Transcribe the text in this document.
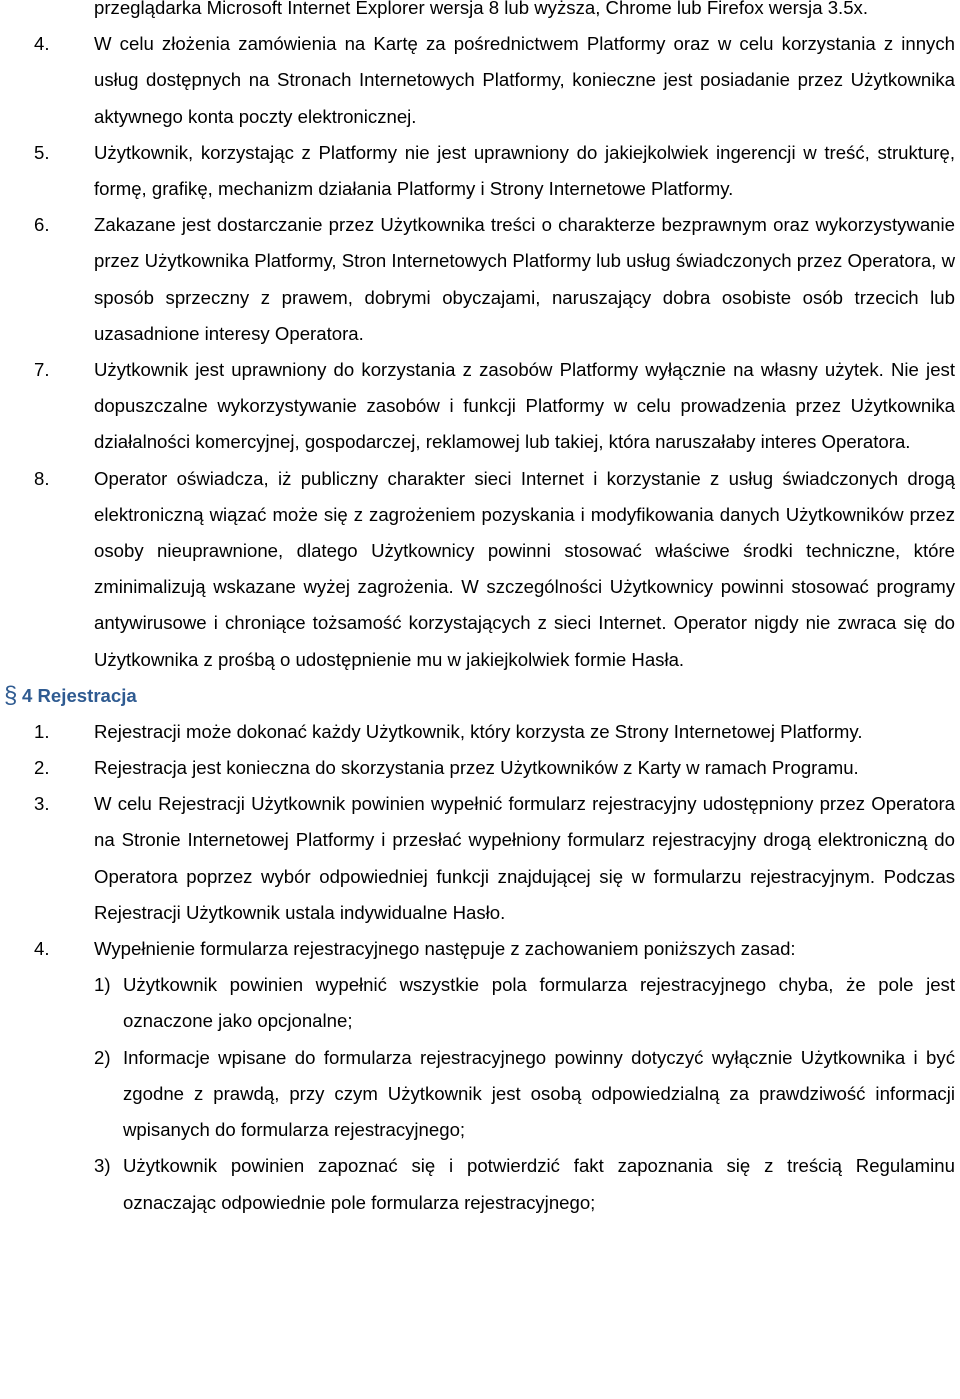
przeglądarka Microsoft Internet Explorer wersja 8 lub wyższa, Chrome lub Firefox wersja 3.5x.
4. W celu złożenia zamówienia na Kartę za pośrednictwem Platformy oraz w celu korzystania z innych usług dostępnych na Stronach Internetowych Platformy, konieczne jest posiadanie przez Użytkownika aktywnego konta poczty elektronicznej.
5. Użytkownik, korzystając z Platformy nie jest uprawniony do jakiejkolwiek ingerencji w treść, strukturę, formę, grafikę, mechanizm działania Platformy i Strony Internetowe Platformy.
6. Zakazane jest dostarczanie przez Użytkownika treści o charakterze bezprawnym oraz wykorzystywanie przez Użytkownika Platformy, Stron Internetowych Platformy lub usług świadczonych przez Operatora, w sposób sprzeczny z prawem, dobrymi obyczajami, naruszający dobra osobiste osób trzecich lub uzasadnione interesy Operatora.
7. Użytkownik jest uprawniony do korzystania z zasobów Platformy wyłącznie na własny użytek. Nie jest dopuszczalne wykorzystywanie zasobów i funkcji Platformy w celu prowadzenia przez Użytkownika działalności komercyjnej, gospodarczej, reklamowej lub takiej, która naruszałaby interes Operatora.
8. Operator oświadcza, iż publiczny charakter sieci Internet i korzystanie z usług świadczonych drogą elektroniczną wiązać może się z zagrożeniem pozyskania i modyfikowania danych Użytkowników przez osoby nieuprawnione, dlatego Użytkownicy powinni stosować właściwe środki techniczne, które zminimalizują wskazane wyżej zagrożenia. W szczególności Użytkownicy powinni stosować programy antywirusowe i chroniące tożsamość korzystających z sieci Internet. Operator nigdy nie zwraca się do Użytkownika z prośbą o udostępnienie mu w jakiejkolwiek formie Hasła.
§ 4 Rejestracja
1. Rejestracji może dokonać każdy Użytkownik, który korzysta ze Strony Internetowej Platformy.
2. Rejestracja jest konieczna do skorzystania przez Użytkowników z Karty w ramach Programu.
3. W celu Rejestracji Użytkownik powinien wypełnić formularz rejestracyjny udostępniony przez Operatora na Stronie Internetowej Platformy i przesłać wypełniony formularz rejestracyjny drogą elektroniczną do Operatora poprzez wybór odpowiedniej funkcji znajdującej się w formularzu rejestracyjnym. Podczas Rejestracji Użytkownik ustala indywidualne Hasło.
4. Wypełnienie formularza rejestracyjnego następuje z zachowaniem poniższych zasad:
1) Użytkownik powinien wypełnić wszystkie pola formularza rejestracyjnego chyba, że pole jest oznaczone jako opcjonalne;
2) Informacje wpisane do formularza rejestracyjnego powinny dotyczyć wyłącznie Użytkownika i być zgodne z prawdą, przy czym Użytkownik jest osobą odpowiedzialną za prawdziwość informacji wpisanych do formularza rejestracyjnego;
3) Użytkownik powinien zapoznać się i potwierdzić fakt zapoznania się z treścią Regulaminu oznaczając odpowiednie pole formularza rejestracyjnego;
